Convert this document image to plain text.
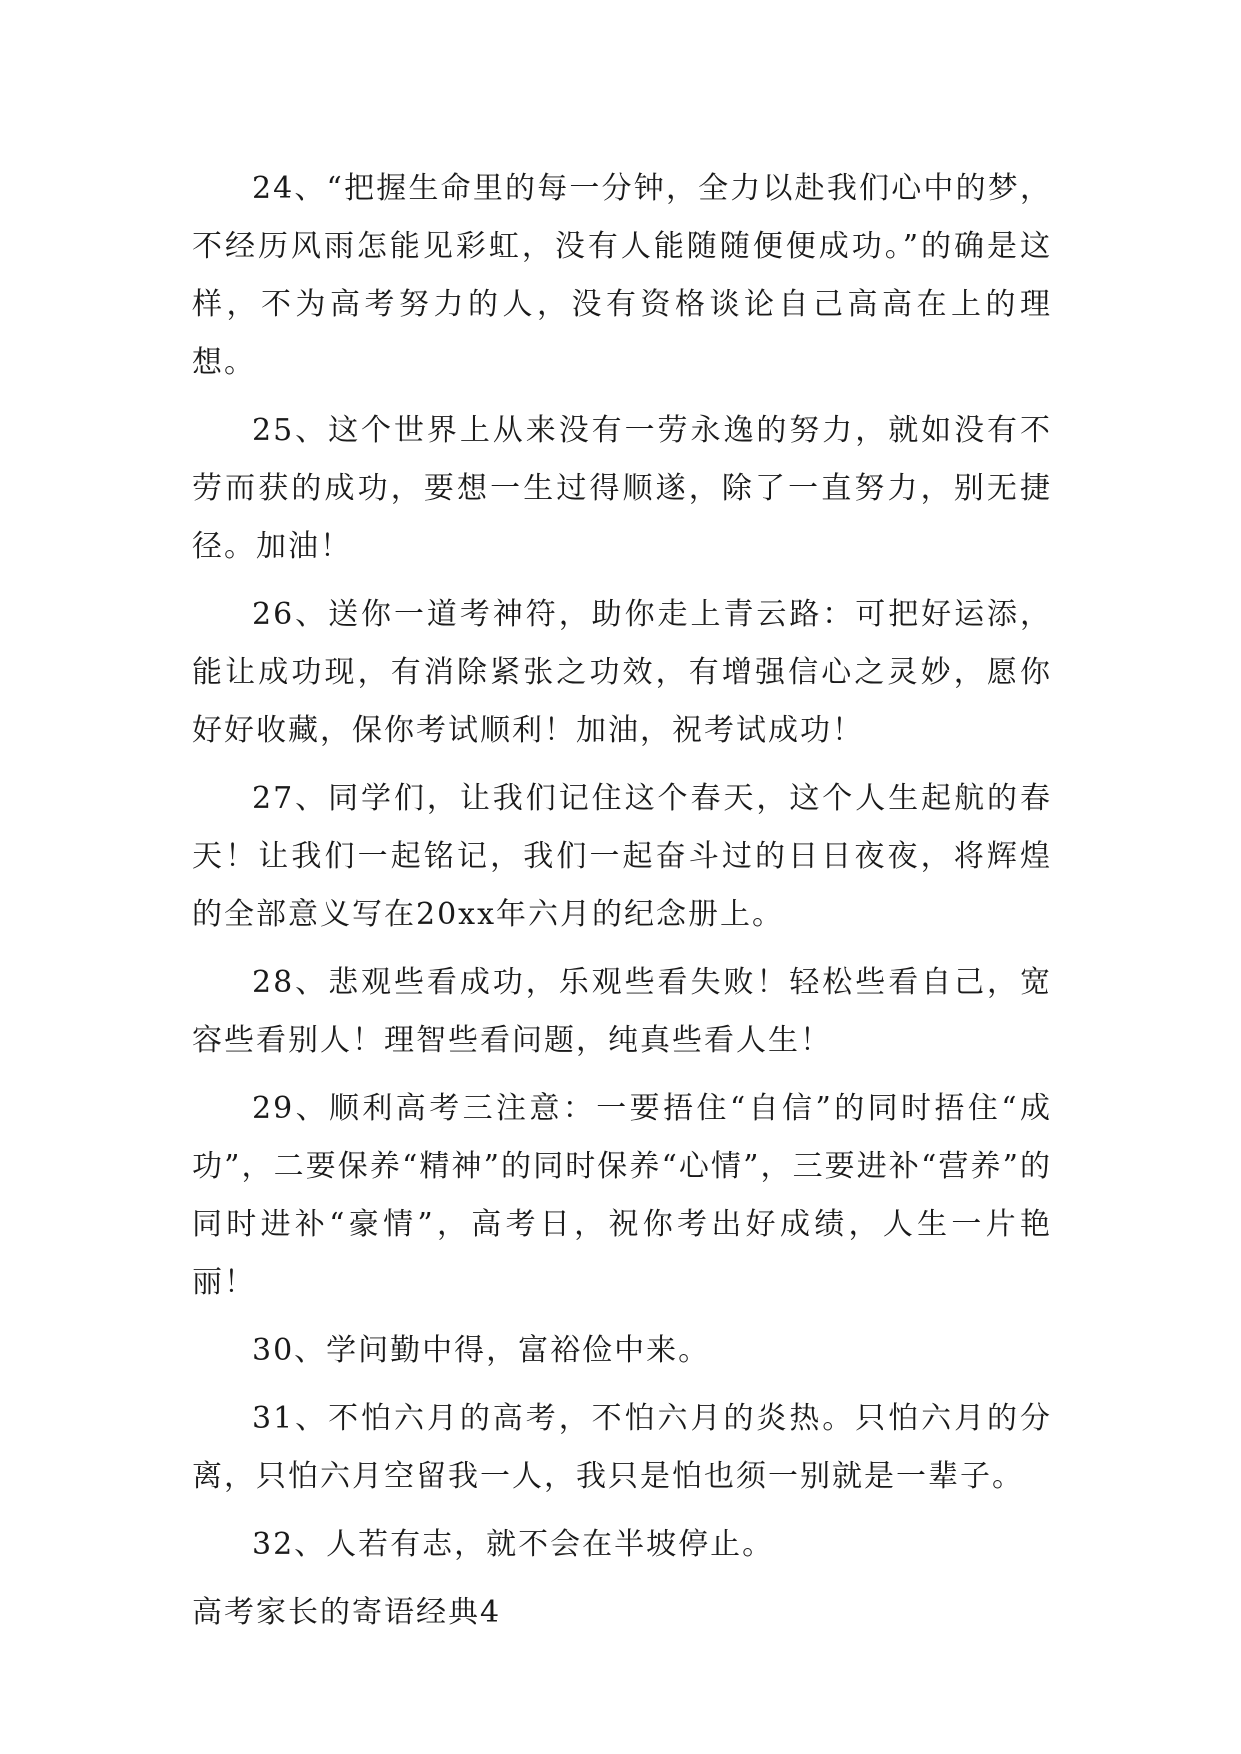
24、“把握生命里的每一分钟，全力以赴我们心中的梦，不经历风雨怎能见彩虹，没有人能随随便便成功。”的确是这样，不为高考努力的人，没有资格谈论自己高高在上的理想。

25、这个世界上从来没有一劳永逸的努力，就如没有不劳而获的成功，要想一生过得顺遂，除了一直努力，别无捷径。加油！

26、送你一道考神符，助你走上青云路：可把好运添，能让成功现，有消除紧张之功效，有增强信心之灵妙，愿你好好收藏，保你考试顺利！加油，祝考试成功！

27、同学们，让我们记住这个春天，这个人生起航的春天！让我们一起铭记，我们一起奋斗过的日日夜夜，将辉煌的全部意义写在20xx年六月的纪念册上。

28、悲观些看成功，乐观些看失败！轻松些看自己，宽容些看别人！理智些看问题，纯真些看人生！

29、顺利高考三注意：一要捂住“自信”的同时捂住“成功”，二要保养“精神”的同时保养“心情”，三要进补“营养”的同时进补“豪情”，高考日，祝你考出好成绩，人生一片艳丽！

30、学问勤中得，富裕俭中来。

31、不怕六月的高考，不怕六月的炎热。只怕六月的分离，只怕六月空留我一人，我只是怕也须一别就是一辈子。

32、人若有志，就不会在半坡停止。

高考家长的寄语经典4
